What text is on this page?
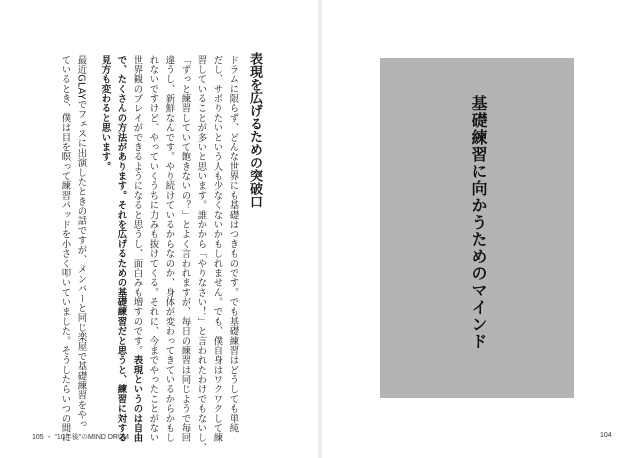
表現を広げるための突破口
ドラムに限らず、どんな世界にも基礎はつきものです。でも基礎練習はどうしても単純
だし、サボりたいという人も少なくないかもしれません。でも、僕自身はワクワクして練
習していることが多いと思います。誰かから「やりなさい！」と言われたわけでもないし、
「ずっと練習していて飽きないの？」とよく言われますが、毎日の練習は同じようで毎回
違うし、新鮮なんです。やり続けているからなのか、身体が変わってきているからかもし
れないですけど、やっていくうちに力みも抜けてくる。それに、今までやったことがない
世界観のプレイができるようになると思うし、面白みも増すのです。表現というのは自由
で、たくさんの方法があります。それを広げるための基礎練習だと思うと、練習に対する
見方も変わると思います。
最近GLAYでフェスに出演したときの話ですが、メンバーと同じ楽屋で基礎練習をやっ
ているとき、僕は目を瞑って練習パッドを小さく叩いていました。そうしたらいつの間に	基礎練習に向かうためのマインド
105 ・ “10年後”のMIND DRUM	104
